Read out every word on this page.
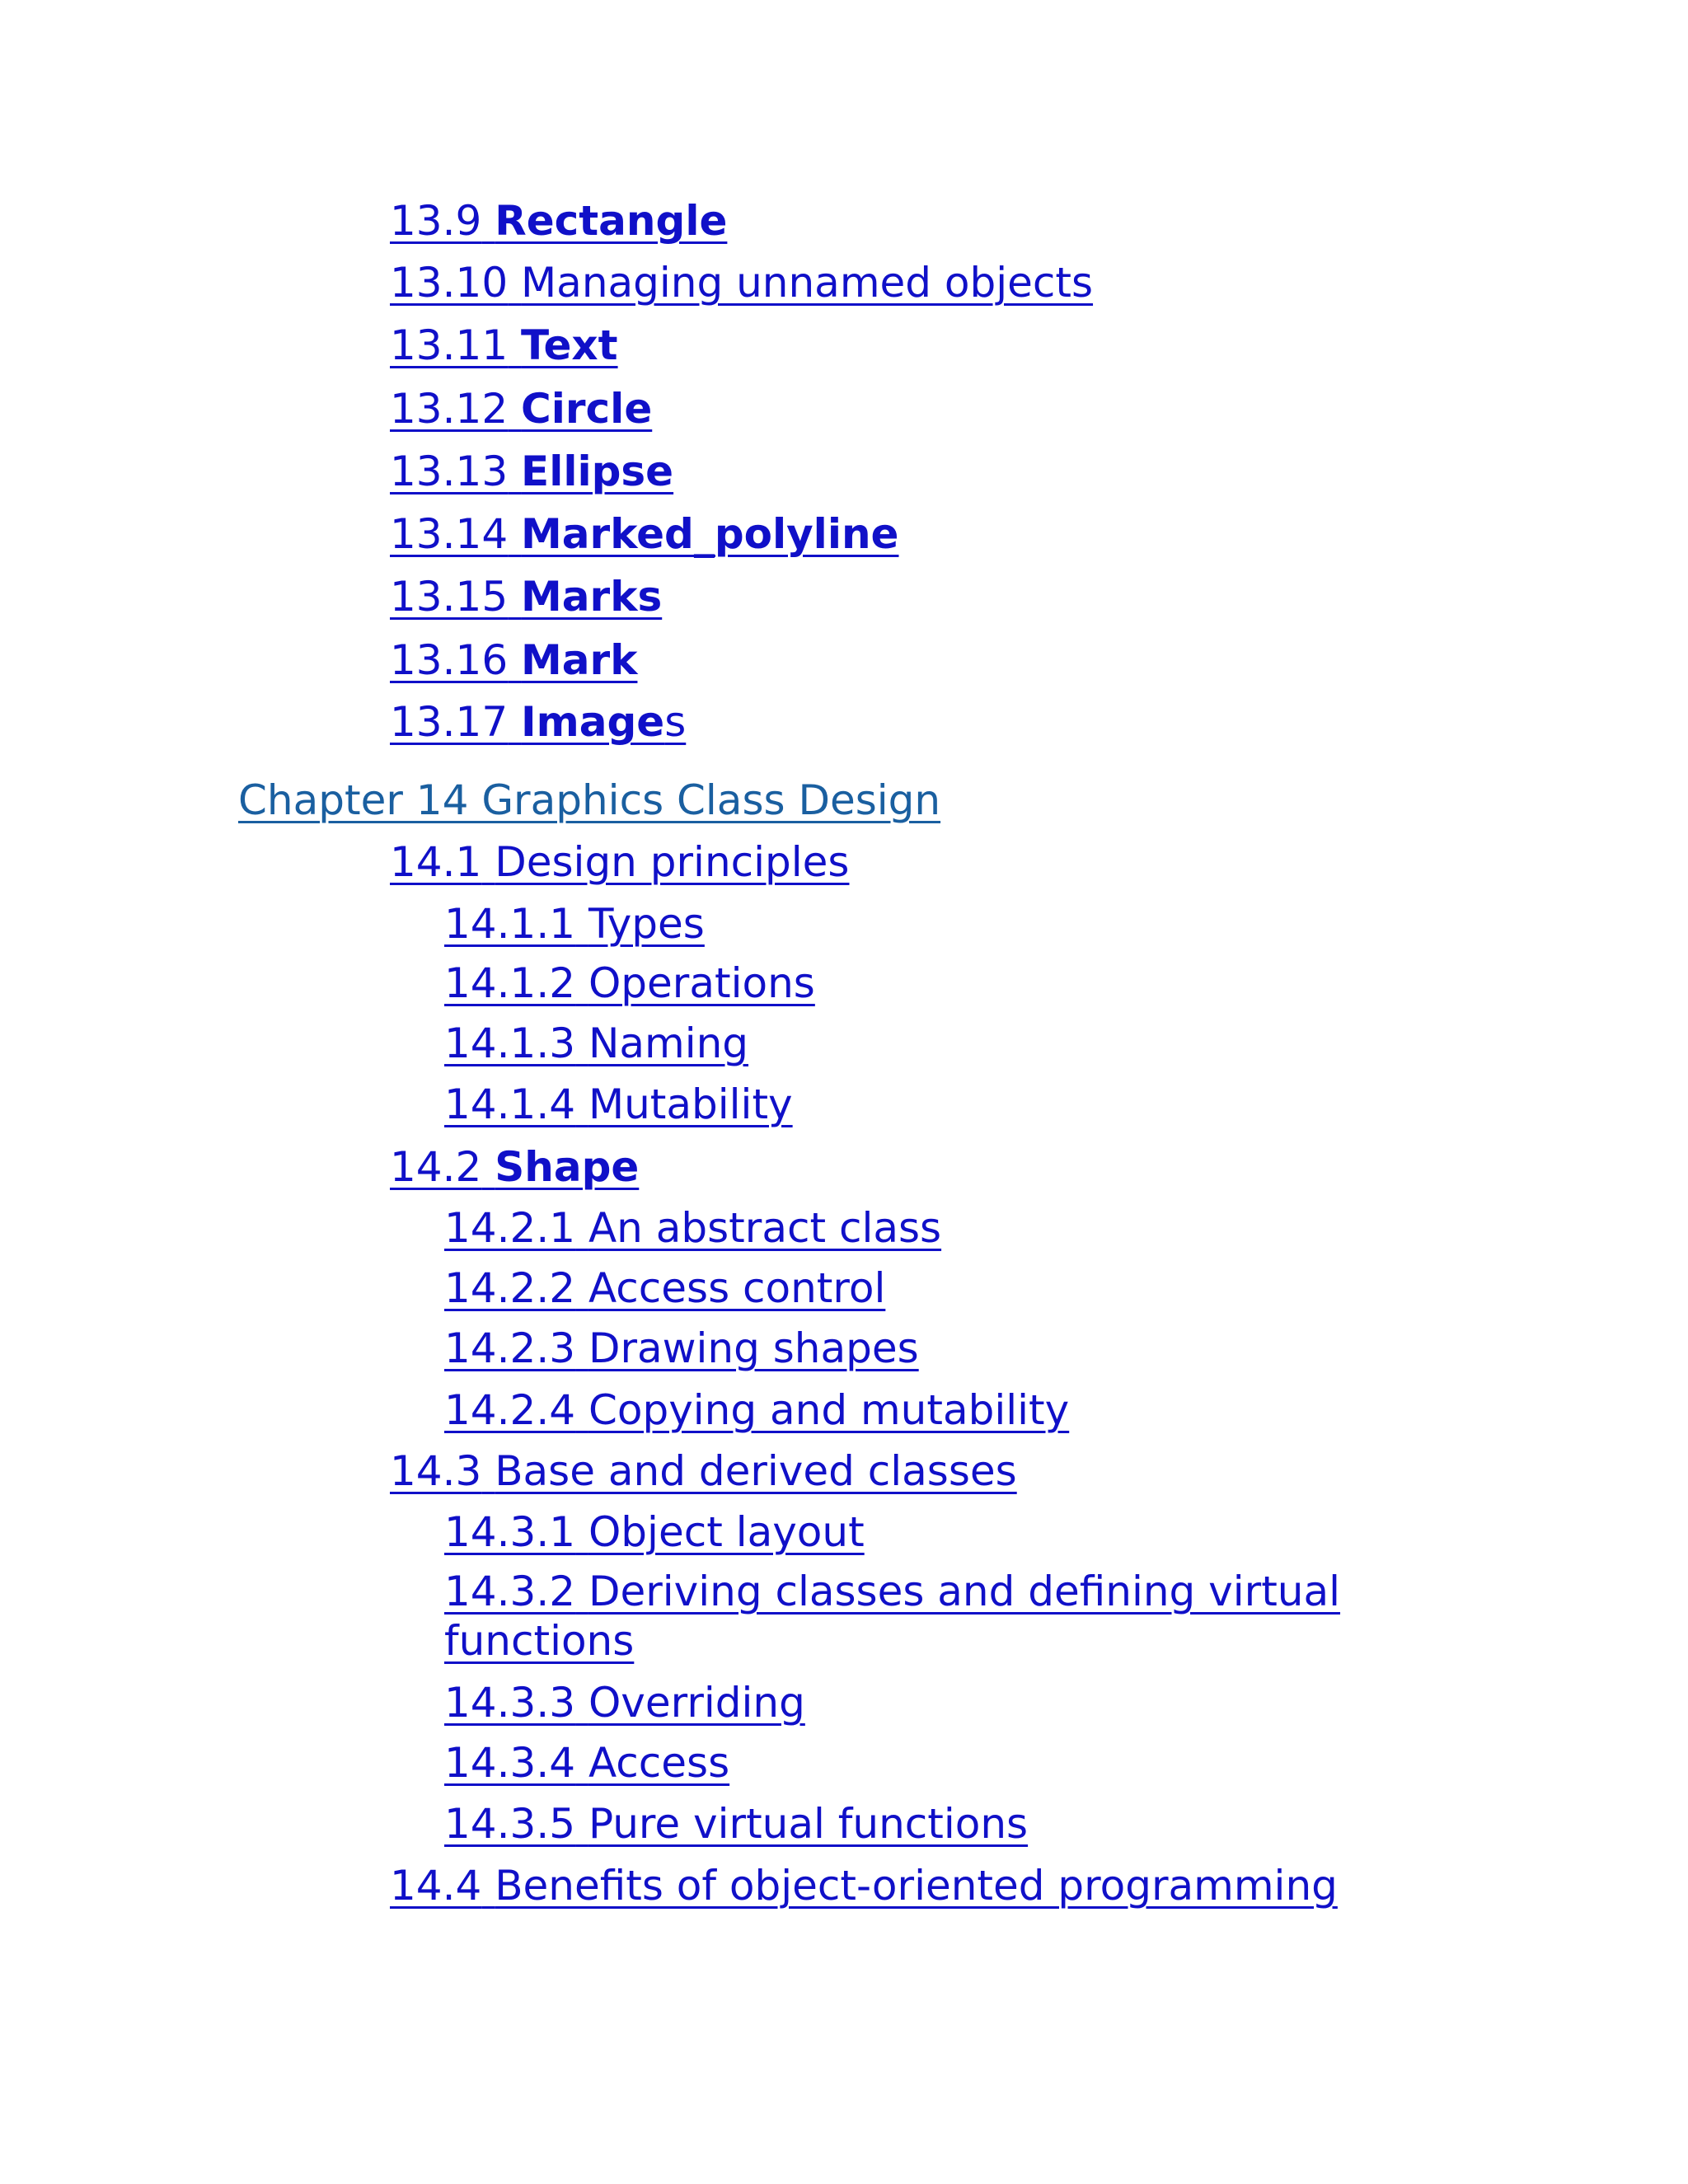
13.9 Rectangle

13.10 Managing unnamed objects

13.11 Text

13.12 Circle

13.13 Ellipse

13.14 Marked_polyline

13.15 Marks

13.16 Mark

13.17 Images

Chapter 14 Graphics Class Design

14.1 Design principles

14.1.1 Types

14.1.2 Operations

14.1.3 Naming

14.1.4 Mutability

14.2 Shape

14.2.1 An abstract class

14.2.2 Access control

14.2.3 Drawing shapes

14.2.4 Copying and mutability

14.3 Base and derived classes

14.3.1 Object layout

14.3.2 Deriving classes and defining virtual functions

14.3.3 Overriding

14.3.4 Access

14.3.5 Pure virtual functions

14.4 Benefits of object-oriented programming
